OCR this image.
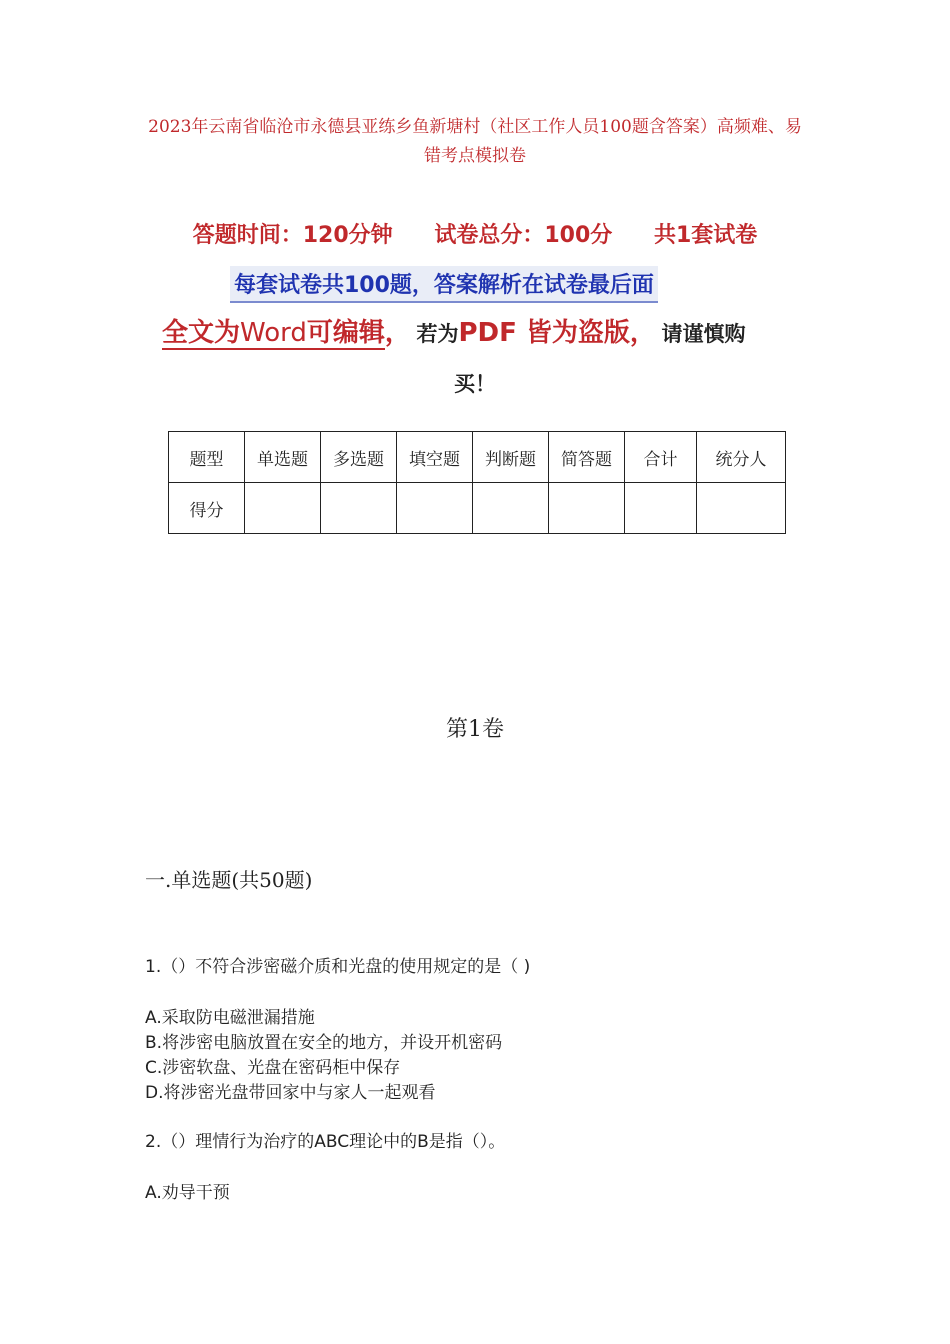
2023年云南省临沧市永德县亚练乡鱼新塘村（社区工作人员100题含答案）高频难、易错考点模拟卷
答题时间：120分钟 试卷总分：100分 共1套试卷
每套试卷共100题，答案解析在试卷最后面
全文为Word可编辑， 若为PDF 皆为盗版， 请谨慎购
买！
题型	单选题	多选题	填空题	判断题	简答题	合计	统分人
得分							
第1卷
一.单选题(共50题)
1.（）不符合涉密磁介质和光盘的使用规定的是（ )
A.采取防电磁泄漏措施
B.将涉密电脑放置在安全的地方，并设开机密码
C.涉密软盘、光盘在密码柜中保存
D.将涉密光盘带回家中与家人一起观看
2.（）理情行为治疗的ABC理论中的B是指（）。
A.劝导干预
